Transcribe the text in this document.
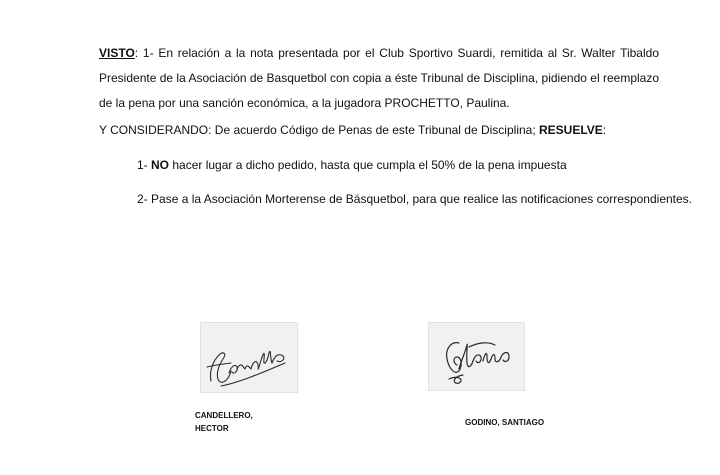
VISTO: 1- En relación a la nota presentada por el Club Sportivo Suardi, remitida al Sr. Walter Tibaldo Presidente de la Asociación de Basquetbol con copia a éste Tribunal de Disciplina, pidiendo el reemplazo de la pena por una sanción económica, a la jugadora PROCHETTO, Paulina.

Y CONSIDERANDO: De acuerdo Código de Penas de este Tribunal de Disciplina; RESUELVE:
1- NO hacer lugar a dicho pedido, hasta que cumpla el 50% de la pena impuesta
2- Pase a la Asociación Morterense de Básquetbol, para que realice las notificaciones correspondientes.
CANDELLERO,
HECTOR
GODINO, SANTIAGO
